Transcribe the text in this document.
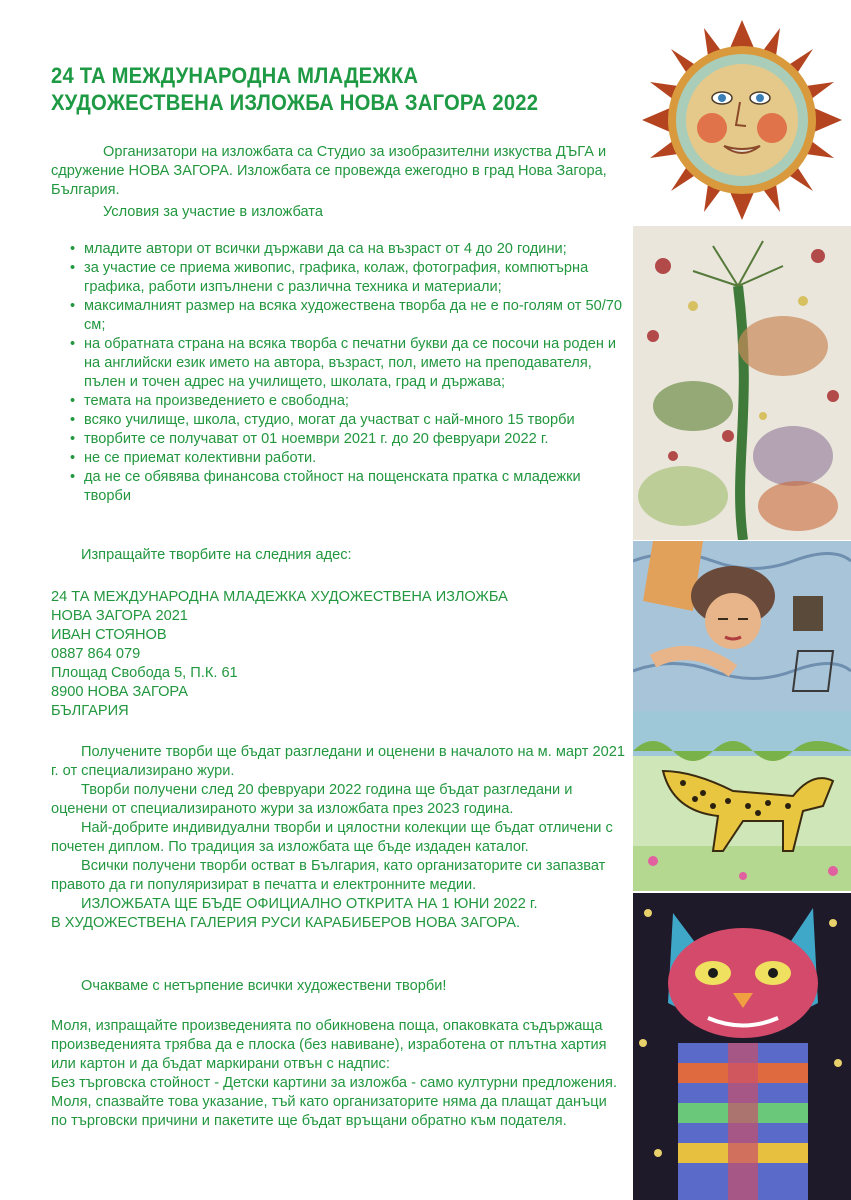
24 ТА МЕЖДУНАРОДНА МЛАДЕЖКА
ХУДОЖЕСТВЕНА ИЗЛОЖБА НОВА ЗАГОРА 2022
Организатори на изложбата са Студио за изобразителни изкуства ДЪГА и сдружение НОВА ЗАГОРА. Изложбата се провежда ежегодно в град Нова Загора, България.
Условия за участие в изложбата
• младите автори от всички държави да са на възраст от 4 до 20 години;
• за участие се приема живопис, графика, колаж, фотография, компютърна графика, работи изпълнени с различна техника и материали;
• максималният размер на всяка художествена творба да не е по-голям от 50/70 см;
• на обратната страна на всяка творба с печатни букви да се посочи на роден и на английски език името на автора, възраст, пол, името на преподавателя, пълен и точен адрес на училището, школата, град и държава;
• темата на произведението е свободна;
• всяко училище, школа, студио, могат да участват с най-много 15 творби
• творбите се получават от 01 ноември 2021 г. до 20 февруари 2022 г.
• не се приемат колективни работи.
• да не се обявява финансова стойност на пощенската пратка с младежки творби
Изпращайте творбите на следния адес:
24 ТА МЕЖДУНАРОДНА МЛАДЕЖКА ХУДОЖЕСТВЕНА ИЗЛОЖБА
НОВА ЗАГОРА 2021
ИВАН СТОЯНОВ
0887 864 079
Площад Свобода 5, П.К. 61
8900 НОВА ЗАГОРА
БЪЛГАРИЯ
Получените творби ще бъдат разгледани и оценени в началото на м. март 2021 г. от специализирано жури.
Творби получени след 20 февруари 2022 година ще бъдат разгледани и оценени от специализираното жури за изложбата през 2023 година.
Най-добрите индивидуални творби и цялостни колекции ще бъдат отличени с почетен диплом. По традиция за изложбата ще бъде издаден каталог.
Всички получени творби остват в България, като организаторите си запазват правото да ги популяризират в печатта и електронните медии.
ИЗЛОЖБАТА ЩЕ БЪДЕ ОФИЦИАЛНО ОТКРИТА НА 1 ЮНИ 2022 г.
В ХУДОЖЕСТВЕНА ГАЛЕРИЯ РУСИ КАРАБИБЕРОВ НОВА ЗАГОРА.
Очакваме с нетърпение всички художествени творби!
Моля, изпращайте произведенията по обикновена поща, опаковката съдържаща произведенията трябва да е плоска (без навиване), изработена от плътна хартия или картон и да бъдат маркирани отвън с надпис:
Без търговска стойност - Детски картини за изложба - само културни предложения.
Моля, спазвайте това указание, тъй като организаторите няма да плащат данъци по търговски причини и пакетите ще бъдат връщани обратно към подателя.
